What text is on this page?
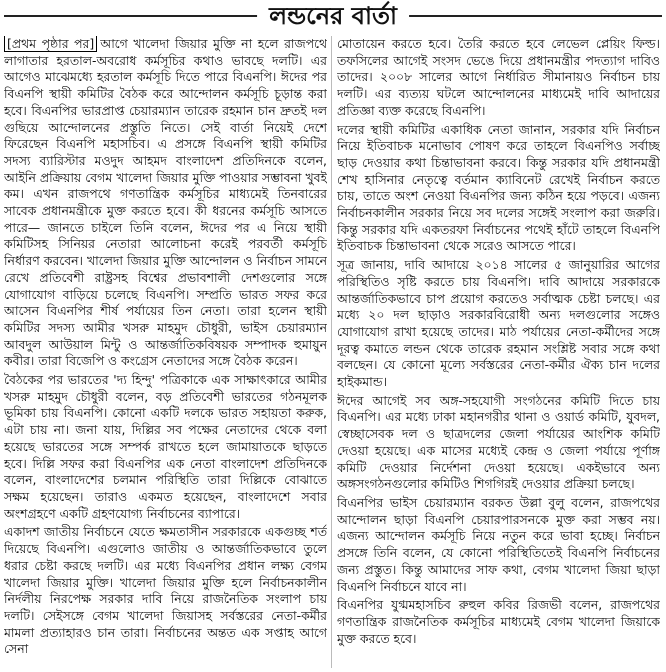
লন্ডনের বার্তা

[প্রথম পৃষ্ঠার পর] আগে খালেদা জিয়ার মুক্তি না হলে রাজপথে লাগাতার হরতাল-অবরোধ কর্মসূচির কথাও ভাবছে দলটি। এর আগেও মাঝেমধ্যে হরতাল কর্মসূচি দিতে পারে বিএনপি। ঈদের পর বিএনপি স্থায়ী কমিটির বৈঠক করে আন্দোলন কর্মসূচি চূড়ান্ত করা হবে। বিএনপির ভারপ্রাপ্ত চেয়ারম্যান তারেক রহমান চান দ্রুতই দল গুছিয়ে আন্দোলনের প্রস্তুতি নিতে। সেই বার্তা নিয়েই দেশে ফিরেছেন বিএনপি মহাসচিব। এ প্রসঙ্গে বিএনপি স্থায়ী কমিটির সদস্য ব্যারিস্টার মওদুদ আহমদ বাংলাদেশ প্রতিদিনকে বলেন, আইনি প্রক্রিয়ায় বেগম খালেদা জিয়ার মুক্তি পাওয়ার সম্ভাবনা খুবই কম। এখন রাজপথে গণতান্ত্রিক কর্মসূচির মাধ্যমেই তিনবারের সাবেক প্রধানমন্ত্রীকে মুক্ত করতে হবে। কী ধরনের কর্মসূচি আসতে পারে— জানতে চাইলে তিনি বলেন, ঈদের পর এ নিয়ে স্থায়ী কমিটিসহ সিনিয়র নেতারা আলোচনা করেই পরবর্তী কর্মসূচি নির্ধারণ করবেন। খালেদা জিয়ার মুক্তি আন্দোলন ও নির্বাচন সামনে রেখে প্রতিবেশী রাষ্ট্রসহ বিশ্বের প্রভাবশালী দেশগুলোর সঙ্গে যোগাযোগ বাড়িয়ে চলেছে বিএনপি। সম্প্রতি ভারত সফর করে আসেন বিএনপির শীর্ষ পর্যায়ের তিন নেতা। তারা হলেন স্থায়ী কমিটির সদস্য আমীর খসরু মাহমুদ চৌধুরী, ভাইস চেয়ারম্যান আবদুল আউয়াল মিন্টু ও আন্তর্জাতিকবিষয়ক সম্পাদক হুমায়ুন কবীর। তারা বিজেপি ও কংগ্রেস নেতাদের সঙ্গে বৈঠক করেন।

বৈঠকের পর ভারতের 'দ্য হিন্দু' পত্রিকাকে এক সাক্ষাৎকারে আমীর খসরু মাহমুদ চৌধুরী বলেন, বড় প্রতিবেশী ভারতের গঠনমূলক ভূমিকা চায় বিএনপি। কোনো একটি দলকে ভারত সহায়তা করুক, এটা চায় না। জনা যায়, দিল্লির সব পক্ষের নেতাদের থেকে বলা হয়েছে ভারতের সঙ্গে সম্পর্ক রাখতে হলে জামায়াতকে ছাড়তে হবে। দিল্লি সফর করা বিএনপির এক নেতা বাংলাদেশ প্রতিদিনকে বলেন, বাংলাদেশের চলমান পরিস্থিতি তারা দিল্লিকে বোঝাতে সক্ষম হয়েছেন। তারাও একমত হয়েছেন, বাংলাদেশে সবার অংশগ্রহণে একটি গ্রহণযোগ্য নির্বাচনের ব্যাপারে।

একাদশ জাতীয় নির্বাচনে যেতে ক্ষমতাসীন সরকারকে একগুচ্ছ শর্ত দিয়েছে বিএনপি। এগুলোও জাতীয় ও আন্তর্জাতিকভাবে তুলে ধরার চেষ্টা করছে দলটি। এর মধ্যে বিএনপির প্রধান লক্ষ্য বেগম খালেদা জিয়ার মুক্তি। খালেদা জিয়ার মুক্তি হলে নির্বাচনকালীন নির্দলীয় নিরপেক্ষ সরকার দাবি নিয়ে রাজনৈতিক সংলাপ চায় দলটি। সেইসঙ্গে বেগম খালেদা জিয়াসহ সর্বস্তরের নেতা-কর্মীর মামলা প্রত্যাহারও চান তারা। নির্বাচনের অন্তত এক সপ্তাহ আগে সেনা

মোতায়েন করতে হবে। তৈরি করতে হবে লেভেল প্লেয়িং ফিল্ড। তফসিলের আগেই সংসদ ভেঙে দিয়ে প্রধানমন্ত্রীর পদত্যাগ দাবিও তাদের। ২০০৮ সালের আগে নির্ধারিত সীমানায়ও নির্বাচন চায় দলটি। এর ব্যত্যয় ঘটলে আন্দোলনের মাধ্যমেই দাবি আদায়ের প্রতিজ্ঞা ব্যক্ত করেছে বিএনপি।

দলের স্থায়ী কমিটির একাধিক নেতা জানান, সরকার যদি নির্বাচন নিয়ে ইতিবাচক মনোভাব পোষণ করে তাহলে বিএনপিও সর্বাচ্ছ ছাড় দেওয়ার কথা চিন্তাভাবনা করবে। কিন্তু সরকার যদি প্রধানমন্ত্রী শেখ হাসিনার নেতৃত্বে বর্তমান ক্যাবিনেট রেখেই নির্বাচন করতে চায়, তাতে অংশ নেওয়া বিএনপির জন্য কঠিন হয়ে পড়বে। এজন্য নির্বাচনকালীন সরকার নিয়ে সব দলের সঙ্গেই সংলাপ করা জরুরি। কিন্তু সরকার যদি একতরফা নির্বাচনের পথেই হাঁটে তাহলে বিএনপি ইতিবাচক চিন্তাভাবনা থেকে সরেও আসতে পারে।

সূত্র জানায়, দাবি আদায়ে ২০১৪ সালের ৫ জানুয়ারির আগের পরিস্থিতিও সৃষ্টি করতে চায় বিএনপি। দাবি আদায়ে সরকারকে আন্তর্জাতিকভাবে চাপ প্রয়োগ করতেও সর্বাত্মক চেষ্টা চলছে। এর মধ্যে ২০ দল ছাড়াও সরকারবিরোধী অন্য দলগুলোর সঙ্গেও যোগাযোগ রাখা হয়েছে তাদের। মাঠ পর্যায়ের নেতা-কর্মীদের সঙ্গে দূরত্ব কমাতে লন্ডন থেকে তারেক রহমান সংশ্লিষ্ট সবার সঙ্গে কথা বলছেন। যে কোনো মূল্যে সর্বস্তরের নেতা-কর্মীর ঐক্য চান দলের হাইকমান্ড।

ঈদের আগেই সব অঙ্গ-সহযোগী সংগঠনের কমিটি দিতে চায় বিএনপি। এর মধ্যে ঢাকা মহানগরীর থানা ও ওয়ার্ড কমিটি, যুবদল, স্বেচ্ছাসেবক দল ও ছাত্রদলের জেলা পর্যায়ের আংশিক কমিটি দেওয়া হয়েছে। এক মাসের মধ্যেই কেন্দ্র ও জেলা পর্যায়ে পূর্ণাঙ্গ কমিটি দেওয়ার নির্দেশনা দেওয়া হয়েছে। একইভাবে অন্য অঙ্গসংগঠনগুলোর কমিটিও শিগগিরই দেওয়ার প্রক্রিয়া চলছে।

বিএনপির ভাইস চেয়ারম্যান বরকত উল্লা বুলু বলেন, রাজপথের আন্দোলন ছাড়া বিএনপি চেয়ারপারসনকে মুক্ত করা সম্ভব নয়। এজন্য আন্দোলন কর্মসূচি নিয়ে নতুন করে ভাবা হচ্ছে। নির্বাচন প্রসঙ্গে তিনি বলেন, যে কোনো পরিস্থিতিতেই বিএনপি নির্বাচনের জন্য প্রস্তুত। কিন্তু আমাদের সাফ কথা, বেগম খালেদা জিয়া ছাড়া বিএনপি নির্বাচনে যাবে না।

বিএনপির যুগ্মমহাসচিব রুহুল কবির রিজভী বলেন, রাজপথের গণতান্ত্রিক রাজনৈতিক কর্মসূচির মাধ্যমেই বেগম খালেদা জিয়াকে মুক্ত করতে হবে।
